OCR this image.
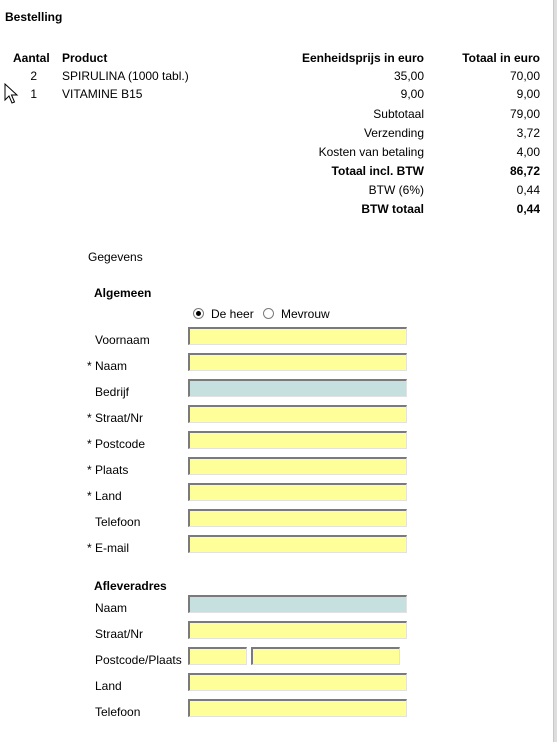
Bestelling
Aantal Product	Eenheidsprijs in euro	Totaal in euro
2 SPIRULINA (1000 tabl.)	35,00	70,00
1 VITAMINE B15	9,00	9,00
Subtotaal	79,00
Verzending	3,72
Kosten van betaling	4,00
Totaal incl. BTW	86,72
BTW (6%)	0,44
BTW totaal	0,44
Gegevens
Algemeen
De heer Mevrouw
Voornaam
* Naam
Bedrijf
* Straat/Nr
* Postcode
* Plaats
* Land
Telefoon
* E-mail
Afleveradres
Naam
Straat/Nr
Postcode/Plaats
Land
Telefoon
